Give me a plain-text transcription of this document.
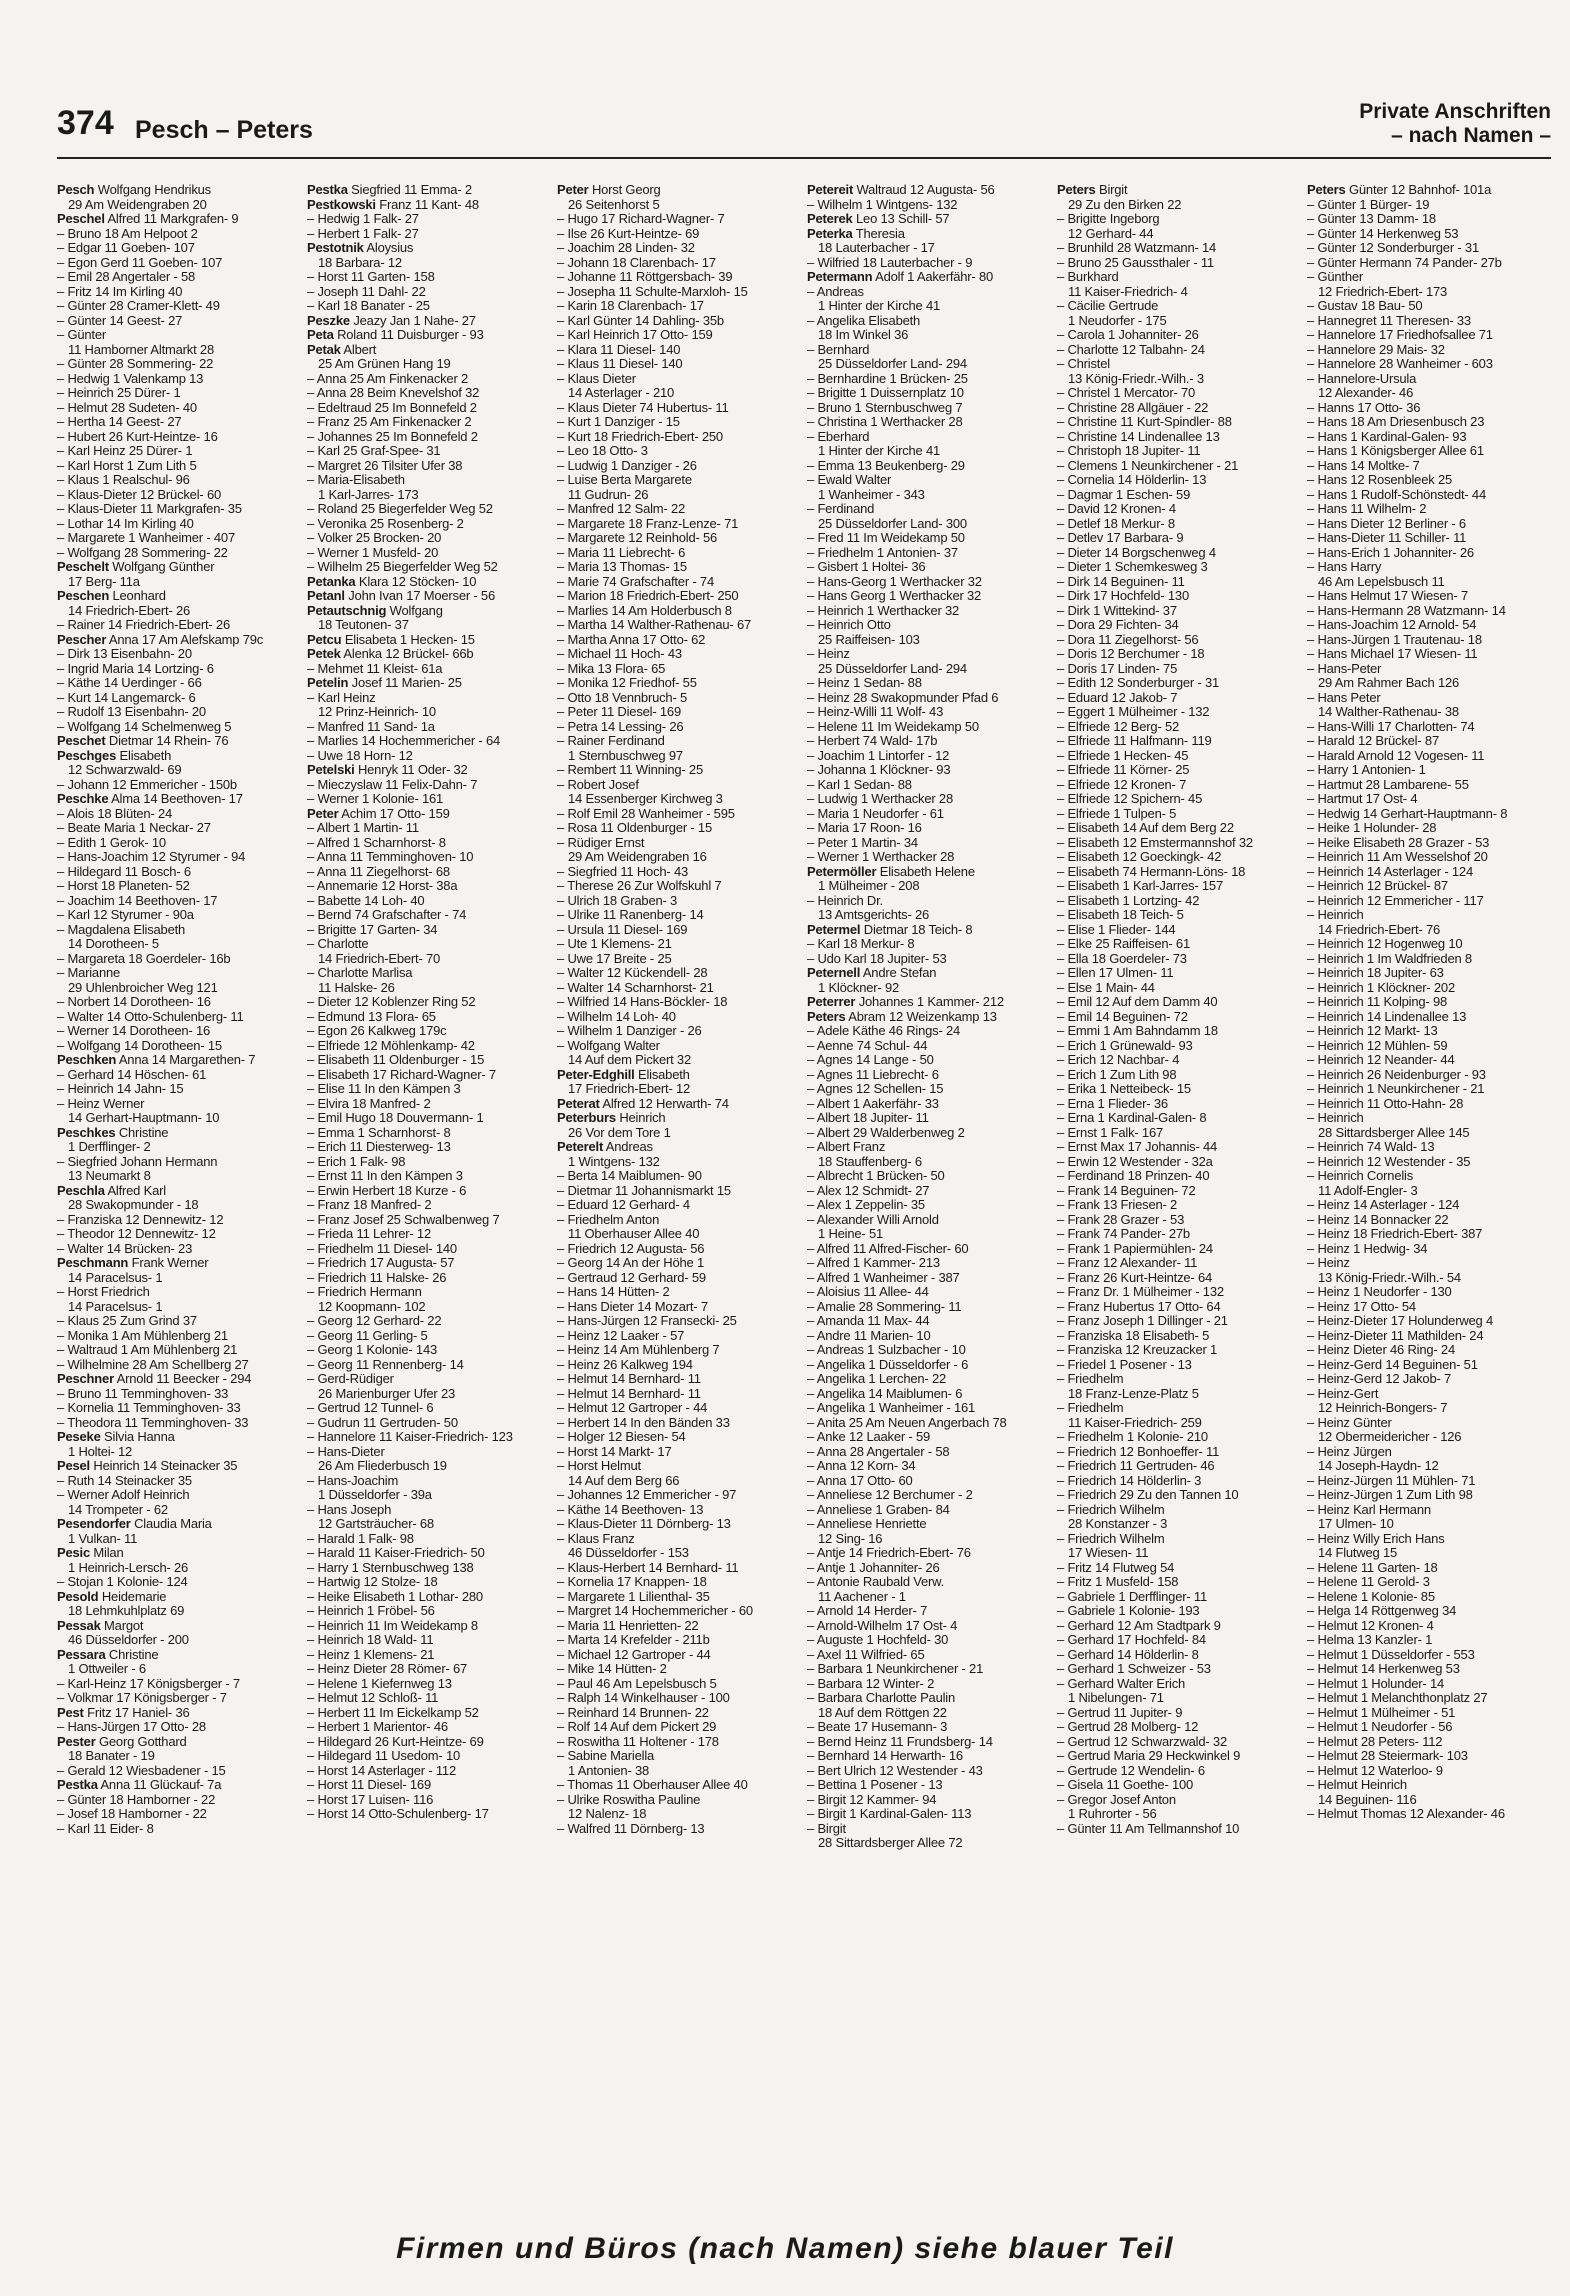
374 Pesch – Peters
Private Anschriften
– nach Namen –
Pesch Wolfgang Hendrikus
29 Am Weidengraben 20
Peschel Alfred 11 Markgrafen- 9
– Bruno 18 Am Helpoot 2
– Edgar 11 Goeben- 107
– Egon Gerd 11 Goeben- 107
– Emil 28 Angertaler - 58
– Fritz 14 Im Kirling 40
– Günter 28 Cramer-Klett- 49
– Günter 14 Geest- 27
– Günter
11 Hamborner Altmarkt 28
– Günter 28 Sommering- 22
– Hedwig 1 Valenkamp 13
– Heinrich 25 Dürer- 1
– Helmut 28 Sudeten- 40
– Hertha 14 Geest- 27
– Hubert 26 Kurt-Heintze- 16
– Karl Heinz 25 Dürer- 1
– Karl Horst 1 Zum Lith 5
– Klaus 1 Realschul- 96
– Klaus-Dieter 12 Brückel- 60
– Klaus-Dieter 11 Markgrafen- 35
– Lothar 14 Im Kirling 40
– Margarete 1 Wanheimer - 407
– Wolfgang 28 Sommering- 22
Peschelt Wolfgang Günther
17 Berg- 11a
Peschen Leonhard
14 Friedrich-Ebert- 26
– Rainer 14 Friedrich-Ebert- 26
Pescher Anna 17 Am Alefskamp 79c
– Dirk 13 Eisenbahn- 20
– Ingrid Maria 14 Lortzing- 6
– Käthe 14 Uerdinger - 66
– Kurt 14 Langemarck- 6
– Rudolf 13 Eisenbahn- 20
– Wolfgang 14 Schelmenweg 5
Peschet Dietmar 14 Rhein- 76
Peschges Elisabeth
12 Schwarzwald- 69
– Johann 12 Emmericher - 150b
Peschke Alma 14 Beethoven- 17
– Alois 18 Blüten- 24
– Beate Maria 1 Neckar- 27
– Edith 1 Gerok- 10
– Hans-Joachim 12 Styrumer - 94
– Hildegard 11 Bosch- 6
– Horst 18 Planeten- 52
– Joachim 14 Beethoven- 17
– Karl 12 Styrumer - 90a
– Magdalena Elisabeth
14 Dorotheen- 5
– Margareta 18 Goerdeler- 16b
– Marianne
29 Uhlenbroicher Weg 121
– Norbert 14 Dorotheen- 16
– Walter 14 Otto-Schulenberg- 11
– Werner 14 Dorotheen- 16
– Wolfgang 14 Dorotheen- 15
Peschken Anna 14 Margarethen- 7
– Gerhard 14 Höschen- 61
– Heinrich 14 Jahn- 15
– Heinz Werner
14 Gerhart-Hauptmann- 10
Peschkes Christine
1 Derfflinger- 2
– Siegfried Johann Hermann
13 Neumarkt 8
Peschla Alfred Karl
28 Swakopmunder - 18
– Franziska 12 Dennewitz- 12
– Theodor 12 Dennewitz- 12
– Walter 14 Brücken- 23
Peschmann Frank Werner
14 Paracelsus- 1
– Horst Friedrich
14 Paracelsus- 1
– Klaus 25 Zum Grind 37
– Monika 1 Am Mühlenberg 21
– Waltraud 1 Am Mühlenberg 21
– Wilhelmine 28 Am Schellberg 27
Peschner Arnold 11 Beecker - 294
– Bruno 11 Temminghoven- 33
– Kornelia 11 Temminghoven- 33
– Theodora 11 Temminghoven- 33
Peseke Silvia Hanna
1 Holtei- 12
Pesel Heinrich 14 Steinacker 35
– Ruth 14 Steinacker 35
– Werner Adolf Heinrich
14 Trompeter - 62
Pesendorfer Claudia Maria
1 Vulkan- 11
Pesic Milan
1 Heinrich-Lersch- 26
– Stojan 1 Kolonie- 124
Pesold Heidemarie
18 Lehmkuhlplatz 69
Pessak Margot
46 Düsseldorfer - 200
Pessara Christine
1 Ottweiler - 6
– Karl-Heinz 17 Königsberger - 7
– Volkmar 17 Königsberger - 7
Pest Fritz 17 Haniel- 36
– Hans-Jürgen 17 Otto- 28
Pester Georg Gotthard
18 Banater - 19
– Gerald 12 Wiesbadener - 15
Pestka Anna 11 Glückauf- 7a
– Günter 18 Hamborner - 22
– Josef 18 Hamborner - 22
– Karl 11 Eider- 8
Pestka Siegfried 11 Emma- 2
Pestkowski Franz 11 Kant- 48
– Hedwig 1 Falk- 27
– Herbert 1 Falk- 27
Pestotnik Aloysius
18 Barbara- 12
– Horst 11 Garten- 158
– Joseph 11 Dahl- 22
– Karl 18 Banater - 25
Peszke Jeazy Jan 1 Nahe- 27
Peta Roland 11 Duisburger - 93
Petak Albert
25 Am Grünen Hang 19
– Anna 25 Am Finkenacker 2
– Anna 28 Beim Knevelshof 32
– Edeltraud 25 Im Bonnefeld 2
– Franz 25 Am Finkenacker 2
– Johannes 25 Im Bonnefeld 2
– Karl 25 Graf-Spee- 31
– Margret 26 Tilsiter Ufer 38
– Maria-Elisabeth
1 Karl-Jarres- 173
– Roland 25 Biegerfelder Weg 52
– Veronika 25 Rosenberg- 2
– Volker 25 Brocken- 20
– Werner 1 Musfeld- 20
– Wilhelm 25 Biegerfelder Weg 52
Petanka Klara 12 Stöcken- 10
Petanl John Ivan 17 Moerser - 56
Petautschnig Wolfgang
18 Teutonen- 37
Petcu Elisabeta 1 Hecken- 15
Petek Alenka 12 Brückel- 66b
– Mehmet 11 Kleist- 61a
Petelin Josef 11 Marien- 25
– Karl Heinz
12 Prinz-Heinrich- 10
– Manfred 11 Sand- 1a
– Marlies 14 Hochemmericher - 64
– Uwe 18 Horn- 12
Petelski Henryk 11 Oder- 32
– Mieczyslaw 11 Felix-Dahn- 7
– Werner 1 Kolonie- 161
Peter Achim 17 Otto- 159
– Albert 1 Martin- 11
– Alfred 1 Scharnhorst- 8
– Anna 11 Temminghoven- 10
– Anna 11 Ziegelhorst- 68
– Annemarie 12 Horst- 38a
– Babette 14 Loh- 40
– Bernd 74 Grafschafter - 74
– Brigitte 17 Garten- 34
– Charlotte
14 Friedrich-Ebert- 70
– Charlotte Marlisa
11 Halske- 26
– Dieter 12 Koblenzer Ring 52
– Edmund 13 Flora- 65
– Egon 26 Kalkweg 179c
– Elfriede 12 Möhlenkamp- 42
– Elisabeth 11 Oldenburger - 15
– Elisabeth 17 Richard-Wagner- 7
– Elise 11 In den Kämpen 3
– Elvira 18 Manfred- 2
– Emil Hugo 18 Douvermann- 1
– Emma 1 Scharnhorst- 8
– Erich 11 Diesterweg- 13
– Erich 1 Falk- 98
– Ernst 11 In den Kämpen 3
– Erwin Herbert 18 Kurze - 6
– Franz 18 Manfred- 2
– Franz Josef 25 Schwalbenweg 7
– Frieda 11 Lehrer- 12
– Friedhelm 11 Diesel- 140
– Friedrich 17 Augusta- 57
– Friedrich 11 Halske- 26
– Friedrich Hermann
12 Koopmann- 102
– Georg 12 Gerhard- 22
– Georg 11 Gerling- 5
– Georg 1 Kolonie- 143
– Georg 11 Rennenberg- 14
– Gerd-Rüdiger
26 Marienburger Ufer 23
– Gertrud 12 Tunnel- 6
– Gudrun 11 Gertruden- 50
– Hannelore 11 Kaiser-Friedrich- 123
– Hans-Dieter
26 Am Fliederbusch 19
– Hans-Joachim
1 Düsseldorfer - 39a
– Hans Joseph
12 Gartsträucher- 68
– Harald 1 Falk- 98
– Harald 11 Kaiser-Friedrich- 50
– Harry 1 Sternbuschweg 138
– Hartwig 12 Stolze- 18
– Heike Elisabeth 1 Lothar- 280
– Heinrich 1 Fröbel- 56
– Heinrich 11 Im Weidekamp 8
– Heinrich 18 Wald- 11
– Heinz 1 Klemens- 21
– Heinz Dieter 28 Römer- 67
– Helene 1 Kiefernweg 13
– Helmut 12 Schloß- 11
– Herbert 11 Im Eickelkamp 52
– Herbert 1 Marientor- 46
– Hildegard 26 Kurt-Heintze- 69
– Hildegard 11 Usedom- 10
– Horst 14 Asterlager - 112
– Horst 11 Diesel- 169
– Horst 17 Luisen- 116
– Horst 14 Otto-Schulenberg- 17
Peter Horst Georg
26 Seitenhorst 5
– Hugo 17 Richard-Wagner- 7
– Ilse 26 Kurt-Heintze- 69
– Joachim 28 Linden- 32
– Johann 18 Clarenbach- 17
– Johanne 11 Röttgersbach- 39
– Josepha 11 Schulte-Marxloh- 15
– Karin 18 Clarenbach- 17
– Karl Günter 14 Dahling- 35b
– Karl Heinrich 17 Otto- 159
– Klara 11 Diesel- 140
– Klaus 11 Diesel- 140
– Klaus Dieter
14 Asterlager - 210
– Klaus Dieter 74 Hubertus- 11
– Kurt 1 Danziger - 15
– Kurt 18 Friedrich-Ebert- 250
– Leo 18 Otto- 3
– Ludwig 1 Danziger - 26
– Luise Berta Margarete
11 Gudrun- 26
– Manfred 12 Salm- 22
– Margarete 18 Franz-Lenze- 71
– Margarete 12 Reinhold- 56
– Maria 11 Liebrecht- 6
– Maria 13 Thomas- 15
– Marie 74 Grafschafter - 74
– Marion 18 Friedrich-Ebert- 250
– Marlies 14 Am Holderbusch 8
– Martha 14 Walther-Rathenau- 67
– Martha Anna 17 Otto- 62
– Michael 11 Hoch- 43
– Mika 13 Flora- 65
– Monika 12 Friedhof- 55
– Otto 18 Vennbruch- 5
– Peter 11 Diesel- 169
– Petra 14 Lessing- 26
– Rainer Ferdinand
1 Sternbuschweg 97
– Rembert 11 Winning- 25
– Robert Josef
14 Essenberger Kirchweg 3
– Rolf Emil 28 Wanheimer - 595
– Rosa 11 Oldenburger - 15
– Rüdiger Ernst
29 Am Weidengraben 16
– Siegfried 11 Hoch- 43
– Therese 26 Zur Wolfskuhl 7
– Ulrich 18 Graben- 3
– Ulrike 11 Ranenberg- 14
– Ursula 11 Diesel- 169
– Ute 1 Klemens- 21
– Uwe 17 Breite - 25
– Walter 12 Kückendell- 28
– Walter 14 Scharnhorst- 21
– Wilfried 14 Hans-Böckler- 18
– Wilhelm 14 Loh- 40
– Wilhelm 1 Danziger - 26
– Wolfgang Walter
14 Auf dem Pickert 32
Peter-Edghill Elisabeth
17 Friedrich-Ebert- 12
Peterat Alfred 12 Herwarth- 74
Peterburs Heinrich
26 Vor dem Tore 1
Peterelt Andreas
1 Wintgens- 132
– Berta 14 Maiblumen- 90
– Dietmar 11 Johannismarkt 15
– Eduard 12 Gerhard- 4
– Friedhelm Anton
11 Oberhauser Allee 40
– Friedrich 12 Augusta- 56
– Georg 14 An der Höhe 1
– Gertraud 12 Gerhard- 59
– Hans 14 Hütten- 2
– Hans Dieter 14 Mozart- 7
– Hans-Jürgen 12 Fransecki- 25
– Heinz 12 Laaker - 57
– Heinz 14 Am Mühlenberg 7
– Heinz 26 Kalkweg 194
– Helmut 14 Bernhard- 11
– Helmut 14 Bernhard- 11
– Helmut 12 Gartroper - 44
– Herbert 14 In den Bänden 33
– Holger 12 Biesen- 54
– Horst 14 Markt- 17
– Horst Helmut
14 Auf dem Berg 66
– Johannes 12 Emmericher - 97
– Käthe 14 Beethoven- 13
– Klaus-Dieter 11 Dörnberg- 13
– Klaus Franz
46 Düsseldorfer - 153
– Klaus-Herbert 14 Bernhard- 11
– Kornelia 17 Knappen- 18
– Margarete 1 Lilienthal- 35
– Margret 14 Hochemmericher - 60
– Maria 11 Henrietten- 22
– Marta 14 Krefelder - 211b
– Michael 12 Gartroper - 44
– Mike 14 Hütten- 2
– Paul 46 Am Lepelsbusch 5
– Ralph 14 Winkelhauser - 100
– Reinhard 14 Brunnen- 22
– Rolf 14 Auf dem Pickert 29
– Roswitha 11 Holtener - 178
– Sabine Mariella
1 Antonien- 38
– Thomas 11 Oberhauser Allee 40
– Ulrike Roswitha Pauline
12 Nalenz- 18
– Walfred 11 Dörnberg- 13
Petereit Waltraud 12 Augusta- 56
– Wilhelm 1 Wintgens- 132
Peterek Leo 13 Schill- 57
Peterka Theresia
18 Lauterbacher - 17
– Wilfried 18 Lauterbacher - 9
Petermann Adolf 1 Aakerfähr- 80
– Andreas
1 Hinter der Kirche 41
– Angelika Elisabeth
18 Im Winkel 36
– Bernhard
25 Düsseldorfer Land- 294
– Bernhardine 1 Brücken- 25
– Brigitte 1 Duissernplatz 10
– Bruno 1 Sternbuschweg 7
– Christina 1 Werthacker 28
– Eberhard
1 Hinter der Kirche 41
– Emma 13 Beukenberg- 29
– Ewald Walter
1 Wanheimer - 343
– Ferdinand
25 Düsseldorfer Land- 300
– Fred 11 Im Weidekamp 50
– Friedhelm 1 Antonien- 37
– Gisbert 1 Holtei- 36
– Hans-Georg 1 Werthacker 32
– Hans Georg 1 Werthacker 32
– Heinrich 1 Werthacker 32
– Heinrich Otto
25 Raiffeisen- 103
– Heinz
25 Düsseldorfer Land- 294
– Heinz 1 Sedan- 88
– Heinz 28 Swakopmunder Pfad 6
– Heinz-Willi 11 Wolf- 43
– Helene 11 Im Weidekamp 50
– Herbert 74 Wald- 17b
– Joachim 1 Lintorfer - 12
– Johanna 1 Klöckner- 93
– Karl 1 Sedan- 88
– Ludwig 1 Werthacker 28
– Maria 1 Neudorfer - 61
– Maria 17 Roon- 16
– Peter 1 Martin- 34
– Werner 1 Werthacker 28
Petermöller Elisabeth Helene
1 Mülheimer - 208
– Heinrich Dr.
13 Amtsgerichts- 26
Petermel Dietmar 18 Teich- 8
– Karl 18 Merkur- 8
– Udo Karl 18 Jupiter- 53
Peternell Andre Stefan
1 Klöckner- 92
Peterrer Johannes 1 Kammer- 212
Peters Abram 12 Weizenkamp 13
– Adele Käthe 46 Rings- 24
– Aenne 74 Schul- 44
– Agnes 14 Lange - 50
– Agnes 11 Liebrecht- 6
– Agnes 12 Schellen- 15
– Albert 1 Aakerfähr- 33
– Albert 18 Jupiter- 11
– Albert 29 Walderbenweg 2
– Albert Franz
18 Stauffenberg- 6
– Albrecht 1 Brücken- 50
– Alex 12 Schmidt- 27
– Alex 1 Zeppelin- 35
– Alexander Willi Arnold
1 Heine- 51
– Alfred 11 Alfred-Fischer- 60
– Alfred 1 Kammer- 213
– Alfred 1 Wanheimer - 387
– Aloisius 11 Allee- 44
– Amalie 28 Sommering- 11
– Amanda 11 Max- 44
– Andre 11 Marien- 10
– Andreas 1 Sulzbacher - 10
– Angelika 1 Düsseldorfer - 6
– Angelika 1 Lerchen- 22
– Angelika 14 Maiblumen- 6
– Angelika 1 Wanheimer - 161
– Anita 25 Am Neuen Angerbach 78
– Anke 12 Laaker - 59
– Anna 28 Angertaler - 58
– Anna 12 Korn- 34
– Anna 17 Otto- 60
– Anneliese 12 Berchumer - 2
– Anneliese 1 Graben- 84
– Anneliese Henriette
12 Sing- 16
– Antje 14 Friedrich-Ebert- 76
– Antje 1 Johanniter- 26
– Antonie Raubald Verw.
11 Aachener - 1
– Arnold 14 Herder- 7
– Arnold-Wilhelm 17 Ost- 4
– Auguste 1 Hochfeld- 30
– Axel 11 Wilfried- 65
– Barbara 1 Neunkirchener - 21
– Barbara 12 Winter- 2
– Barbara Charlotte Paulin
18 Auf dem Röttgen 22
– Beate 17 Husemann- 3
– Bernd Heinz 11 Frundsberg- 14
– Bernhard 14 Herwarth- 16
– Bert Ulrich 12 Westender - 43
– Bettina 1 Posener - 13
– Birgit 12 Kammer- 94
– Birgit 1 Kardinal-Galen- 113
– Birgit
28 Sittardsberger Allee 72
Peters Birgit
29 Zu den Birken 22
– Brigitte Ingeborg
12 Gerhard- 44
– Brunhild 28 Watzmann- 14
– Bruno 25 Gaussthaler - 11
– Burkhard
11 Kaiser-Friedrich- 4
– Cäcilie Gertrude
1 Neudorfer - 175
– Carola 1 Johanniter- 26
– Charlotte 12 Talbahn- 24
– Christel
13 König-Friedr.-Wilh.- 3
– Christel 1 Mercator- 70
– Christine 28 Allgäuer - 22
– Christine 11 Kurt-Spindler- 88
– Christine 14 Lindenallee 13
– Christoph 18 Jupiter- 11
– Clemens 1 Neunkirchener - 21
– Cornelia 14 Hölderlin- 13
– Dagmar 1 Eschen- 59
– David 12 Kronen- 4
– Detlef 18 Merkur- 8
– Detlev 17 Barbara- 9
– Dieter 14 Borgschenweg 4
– Dieter 1 Schemkesweg 3
– Dirk 14 Beguinen- 11
– Dirk 17 Hochfeld- 130
– Dirk 1 Wittekind- 37
– Dora 29 Fichten- 34
– Dora 11 Ziegelhorst- 56
– Doris 12 Berchumer - 18
– Doris 17 Linden- 75
– Edith 12 Sonderburger - 31
– Eduard 12 Jakob- 7
– Eggert 1 Mülheimer - 132
– Elfriede 12 Berg- 52
– Elfriede 11 Halfmann- 119
– Elfriede 1 Hecken- 45
– Elfriede 11 Körner- 25
– Elfriede 12 Kronen- 7
– Elfriede 12 Spichern- 45
– Elfriede 1 Tulpen- 5
– Elisabeth 14 Auf dem Berg 22
– Elisabeth 12 Emstermannshof 32
– Elisabeth 12 Goeckingk- 42
– Elisabeth 74 Hermann-Löns- 18
– Elisabeth 1 Karl-Jarres- 157
– Elisabeth 1 Lortzing- 42
– Elisabeth 18 Teich- 5
– Elise 1 Flieder- 144
– Elke 25 Raiffeisen- 61
– Ella 18 Goerdeler- 73
– Ellen 17 Ulmen- 11
– Else 1 Main- 44
– Emil 12 Auf dem Damm 40
– Emil 14 Beguinen- 72
– Emmi 1 Am Bahndamm 18
– Erich 1 Grünewald- 93
– Erich 12 Nachbar- 4
– Erich 1 Zum Lith 98
– Erika 1 Netteibeck- 15
– Erna 1 Flieder- 36
– Erna 1 Kardinal-Galen- 8
– Ernst 1 Falk- 167
– Ernst Max 17 Johannis- 44
– Erwin 12 Westender - 32a
– Ferdinand 18 Prinzen- 40
– Frank 14 Beguinen- 72
– Frank 13 Friesen- 2
– Frank 28 Grazer - 53
– Frank 74 Pander- 27b
– Frank 1 Papiermühlen- 24
– Franz 12 Alexander- 11
– Franz 26 Kurt-Heintze- 64
– Franz Dr. 1 Mülheimer - 132
– Franz Hubertus 17 Otto- 64
– Franz Joseph 1 Dillinger - 21
– Franziska 18 Elisabeth- 5
– Franziska 12 Kreuzacker 1
– Friedel 1 Posener - 13
– Friedhelm
18 Franz-Lenze-Platz 5
– Friedhelm
11 Kaiser-Friedrich- 259
– Friedhelm 1 Kolonie- 210
– Friedrich 12 Bonhoeffer- 11
– Friedrich 11 Gertruden- 46
– Friedrich 14 Hölderlin- 3
– Friedrich 29 Zu den Tannen 10
– Friedrich Wilhelm
28 Konstanzer - 3
– Friedrich Wilhelm
17 Wiesen- 11
– Fritz 14 Flutweg 54
– Fritz 1 Musfeld- 158
– Gabriele 1 Derfflinger- 11
– Gabriele 1 Kolonie- 193
– Gerhard 12 Am Stadtpark 9
– Gerhard 17 Hochfeld- 84
– Gerhard 14 Hölderlin- 8
– Gerhard 1 Schweizer - 53
– Gerhard Walter Erich
1 Nibelungen- 71
– Gertrud 11 Jupiter- 9
– Gertrud 28 Molberg- 12
– Gertrud 12 Schwarzwald- 32
– Gertrud Maria 29 Heckwinkel 9
– Gertrude 12 Wendelin- 6
– Gisela 11 Goethe- 100
– Gregor Josef Anton
1 Ruhrorter - 56
– Günter 11 Am Tellmannshof 10
Peters Günter 12 Bahnhof- 101a
– Günter 1 Bürger- 19
– Günter 13 Damm- 18
– Günter 14 Herkenweg 53
– Günter 12 Sonderburger - 31
– Günter Hermann 74 Pander- 27b
– Günther
12 Friedrich-Ebert- 173
– Gustav 18 Bau- 50
– Hannegret 11 Theresen- 33
– Hannelore 17 Friedhofsallee 71
– Hannelore 29 Mais- 32
– Hannelore 28 Wanheimer - 603
– Hannelore-Ursula
12 Alexander- 46
– Hanns 17 Otto- 36
– Hans 18 Am Driesenbusch 23
– Hans 1 Kardinal-Galen- 93
– Hans 1 Königsberger Allee 61
– Hans 14 Moltke- 7
– Hans 12 Rosenbleek 25
– Hans 1 Rudolf-Schönstedt- 44
– Hans 11 Wilhelm- 2
– Hans Dieter 12 Berliner - 6
– Hans-Dieter 11 Schiller- 11
– Hans-Erich 1 Johanniter- 26
– Hans Harry
46 Am Lepelsbusch 11
– Hans Helmut 17 Wiesen- 7
– Hans-Hermann 28 Watzmann- 14
– Hans-Joachim 12 Arnold- 54
– Hans-Jürgen 1 Trautenau- 18
– Hans Michael 17 Wiesen- 11
– Hans-Peter
29 Am Rahmer Bach 126
– Hans Peter
14 Walther-Rathenau- 38
– Hans-Willi 17 Charlotten- 74
– Harald 12 Brückel- 87
– Harald Arnold 12 Vogesen- 11
– Harry 1 Antonien- 1
– Hartmut 28 Lambarene- 55
– Hartmut 17 Ost- 4
– Hedwig 14 Gerhart-Hauptmann- 8
– Heike 1 Holunder- 28
– Heike Elisabeth 28 Grazer - 53
– Heinrich 11 Am Wesselshof 20
– Heinrich 14 Asterlager - 124
– Heinrich 12 Brückel- 87
– Heinrich 12 Emmericher - 117
– Heinrich
14 Friedrich-Ebert- 76
– Heinrich 12 Hogenweg 10
– Heinrich 1 Im Waldfrieden 8
– Heinrich 18 Jupiter- 63
– Heinrich 1 Klöckner- 202
– Heinrich 11 Kolping- 98
– Heinrich 14 Lindenallee 13
– Heinrich 12 Markt- 13
– Heinrich 12 Mühlen- 59
– Heinrich 12 Neander- 44
– Heinrich 26 Neidenburger - 93
– Heinrich 1 Neunkirchener - 21
– Heinrich 11 Otto-Hahn- 28
– Heinrich
28 Sittardsberger Allee 145
– Heinrich 74 Wald- 13
– Heinrich 12 Westender - 35
– Heinrich Cornelis
11 Adolf-Engler- 3
– Heinz 14 Asterlager - 124
– Heinz 14 Bonnacker 22
– Heinz 18 Friedrich-Ebert- 387
– Heinz 1 Hedwig- 34
– Heinz
13 König-Friedr.-Wilh.- 54
– Heinz 1 Neudorfer - 130
– Heinz 17 Otto- 54
– Heinz-Dieter 17 Holunderweg 4
– Heinz-Dieter 11 Mathilden- 24
– Heinz Dieter 46 Ring- 24
– Heinz-Gerd 14 Beguinen- 51
– Heinz-Gerd 12 Jakob- 7
– Heinz-Gert
12 Heinrich-Bongers- 7
– Heinz Günter
12 Obermeidericher - 126
– Heinz Jürgen
14 Joseph-Haydn- 12
– Heinz-Jürgen 11 Mühlen- 71
– Heinz-Jürgen 1 Zum Lith 98
– Heinz Karl Hermann
17 Ulmen- 10
– Heinz Willy Erich Hans
14 Flutweg 15
– Helene 11 Garten- 18
– Helene 11 Gerold- 3
– Helene 1 Kolonie- 85
– Helga 14 Röttgenweg 34
– Helmut 12 Kronen- 4
– Helma 13 Kanzler- 1
– Helmut 1 Düsseldorfer - 553
– Helmut 14 Herkenweg 53
– Helmut 1 Holunder- 14
– Helmut 1 Melanchthonplatz 27
– Helmut 1 Mülheimer - 51
– Helmut 1 Neudorfer - 56
– Helmut 28 Peters- 112
– Helmut 28 Steiermark- 103
– Helmut 12 Waterloo- 9
– Helmut Heinrich
14 Beguinen- 116
– Helmut Thomas 12 Alexander- 46
Firmen und Büros (nach Namen) siehe blauer Teil
